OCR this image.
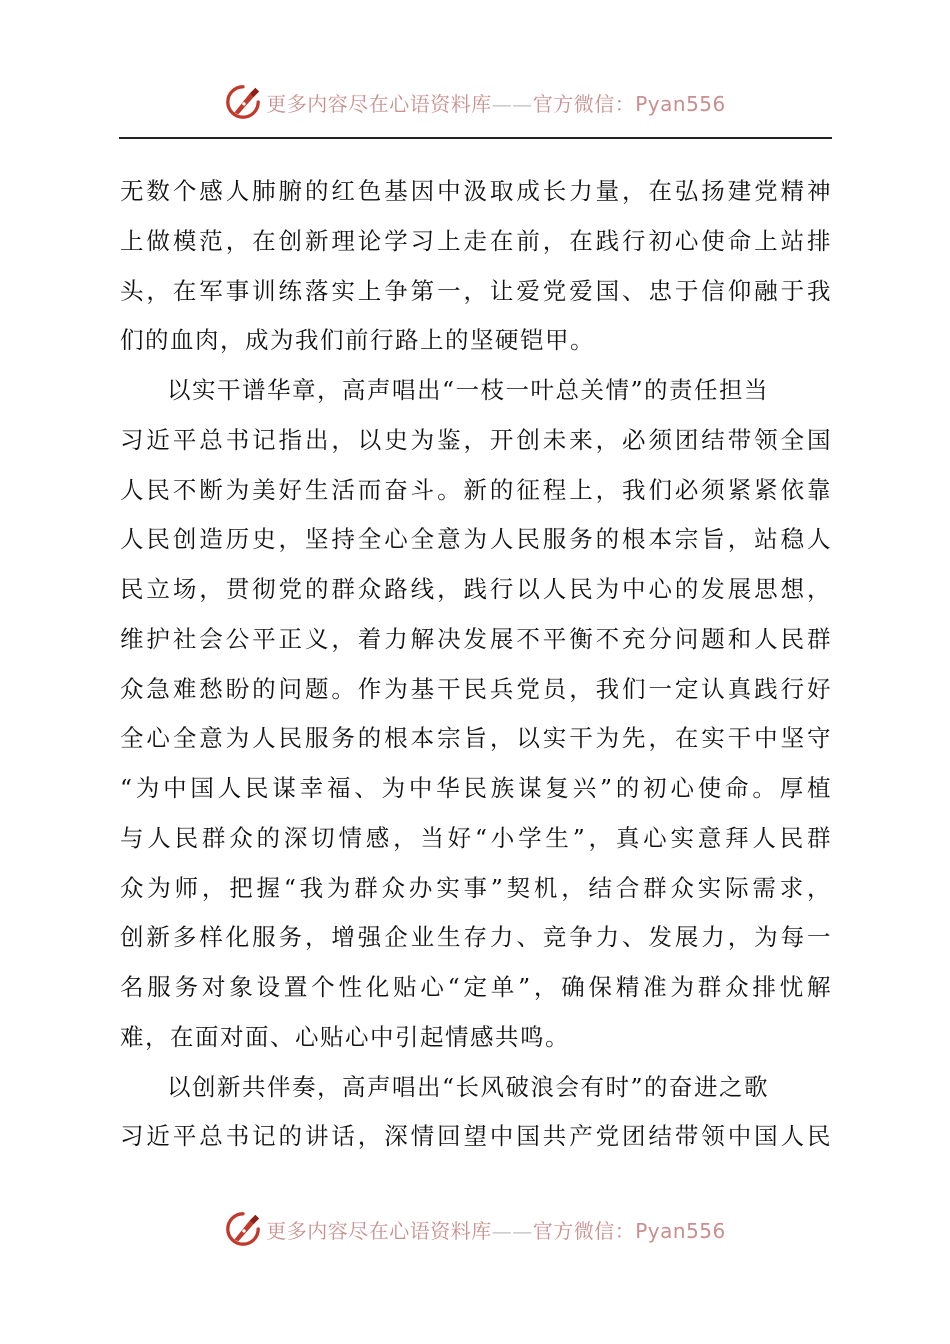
更多内容尽在心语资料库——官方微信：Pyan556

无数个感人肺腑的红色基因中汲取成长力量，在弘扬建党精神

上做模范，在创新理论学习上走在前，在践行初心使命上站排

头，在军事训练落实上争第一，让爱党爱国、忠于信仰融于我

们的血肉，成为我们前行路上的坚硬铠甲。

以实干谱华章，高声唱出“一枝一叶总关情”的责任担当

习近平总书记指出，以史为鉴，开创未来，必须团结带领全国

人民不断为美好生活而奋斗。新的征程上，我们必须紧紧依靠

人民创造历史，坚持全心全意为人民服务的根本宗旨，站稳人

民立场，贯彻党的群众路线，践行以人民为中心的发展思想，

维护社会公平正义，着力解决发展不平衡不充分问题和人民群

众急难愁盼的问题。作为基干民兵党员，我们一定认真践行好

全心全意为人民服务的根本宗旨，以实干为先，在实干中坚守

“为中国人民谋幸福、为中华民族谋复兴”的初心使命。厚植

与人民群众的深切情感，当好“小学生”，真心实意拜人民群

众为师，把握“我为群众办实事”契机，结合群众实际需求，

创新多样化服务，增强企业生存力、竞争力、发展力，为每一

名服务对象设置个性化贴心“定单”，确保精准为群众排忧解

难，在面对面、心贴心中引起情感共鸣。

以创新共伴奏，高声唱出“长风破浪会有时”的奋进之歌

习近平总书记的讲话，深情回望中国共产党团结带领中国人民

更多内容尽在心语资料库——官方微信：Pyan556
